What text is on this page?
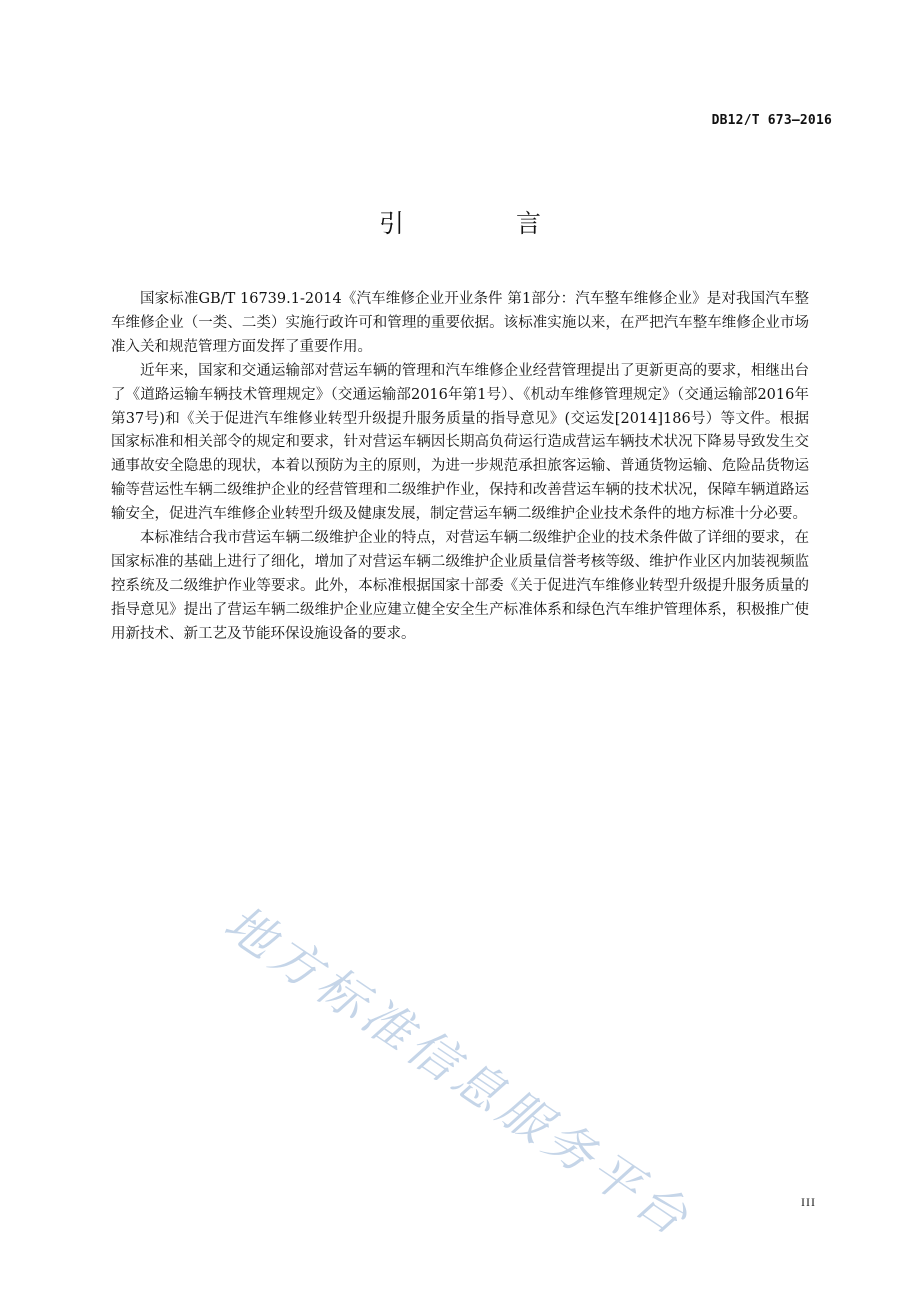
DB12/T 673—2016
引 言

国家标准GB/T 16739.1-2014《汽车维修企业开业条件 第1部分：汽车整车维修企业》是对我国汽车整车维修企业（一类、二类）实施行政许可和管理的重要依据。该标准实施以来，在严把汽车整车维修企业市场准入关和规范管理方面发挥了重要作用。

近年来，国家和交通运输部对营运车辆的管理和汽车维修企业经营管理提出了更新更高的要求，相继出台了《道路运输车辆技术管理规定》（交通运输部2016年第1号）、《机动车维修管理规定》（交通运输部2016年第37号)和《关于促进汽车维修业转型升级提升服务质量的指导意见》(交运发[2014]186号）等文件。根据国家标准和相关部令的规定和要求，针对营运车辆因长期高负荷运行造成营运车辆技术状况下降易导致发生交通事故安全隐患的现状，本着以预防为主的原则，为进一步规范承担旅客运输、普通货物运输、危险品货物运输等营运性车辆二级维护企业的经营管理和二级维护作业，保持和改善营运车辆的技术状况，保障车辆道路运输安全，促进汽车维修企业转型升级及健康发展，制定营运车辆二级维护企业技术条件的地方标准十分必要。

本标准结合我市营运车辆二级维护企业的特点，对营运车辆二级维护企业的技术条件做了详细的要求，在国家标准的基础上进行了细化，增加了对营运车辆二级维护企业质量信誉考核等级、维护作业区内加装视频监控系统及二级维护作业等要求。此外，本标准根据国家十部委《关于促进汽车维修业转型升级提升服务质量的指导意见》提出了营运车辆二级维护企业应建立健全安全生产标准体系和绿色汽车维护管理体系，积极推广使用新技术、新工艺及节能环保设施设备的要求。

地方标准信息服务平台	III
